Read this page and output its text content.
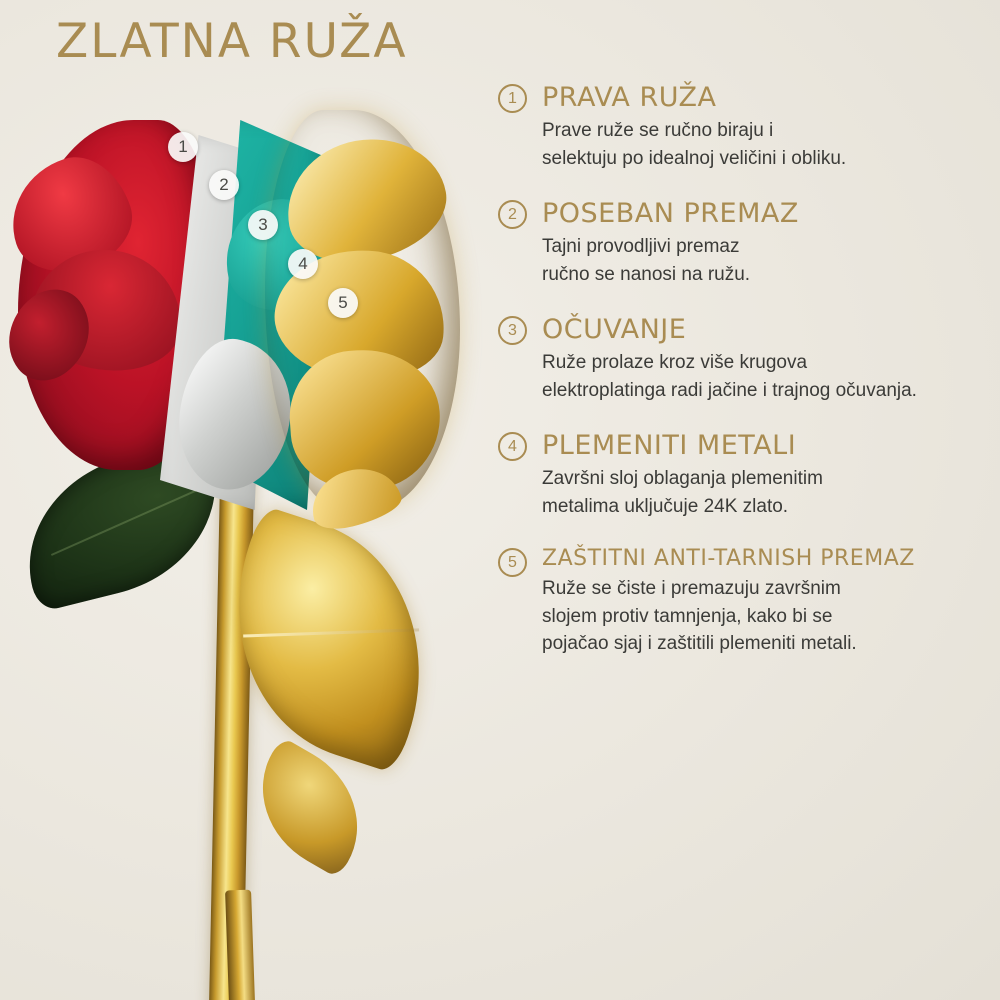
ZLATNA RUŽA
1
2
3
4
5
1 PRAVA RUŽA
Prave ruže se ručno biraju i
selektuju po idealnoj veličini i obliku.
2 POSEBAN PREMAZ
Tajni provodljivi premaz
ručno se nanosi na ružu.
3 OČUVANJE
Ruže prolaze kroz više krugova
elektroplatinga radi jačine i trajnog očuvanja.
4 PLEMENITI METALI
Završni sloj oblaganja plemenitim
metalima uključuje 24K zlato.
5	ZAŠTITNI ANTI-TARNISH PREMAZ
Ruže se čiste i premazuju završnim
slojem protiv tamnjenja, kako bi se
pojačao sjaj i zaštitili plemeniti metali.
